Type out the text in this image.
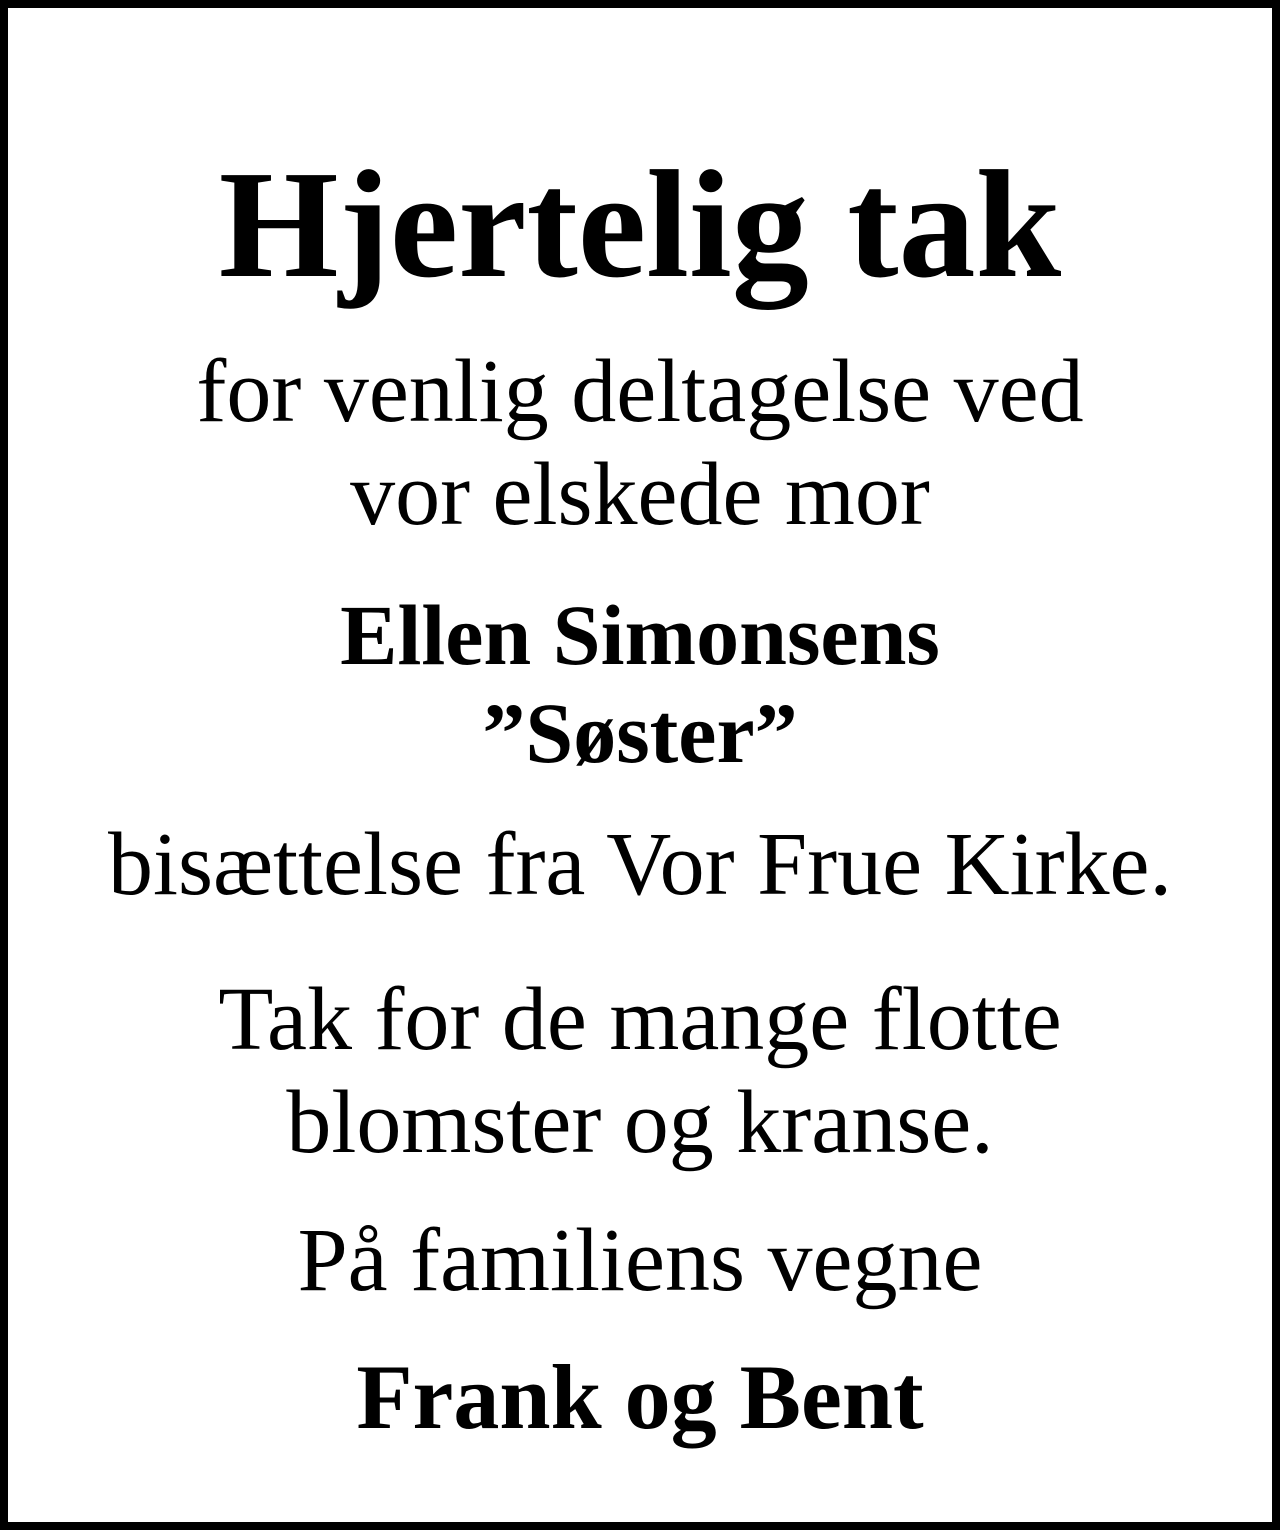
Hjertelig tak

for venlig deltagelse ved
vor elskede mor

Ellen Simonsens
”Søster”

bisættelse fra Vor Frue Kirke.

Tak for de mange flotte
blomster og kranse.

På familiens vegne

Frank og Bent
